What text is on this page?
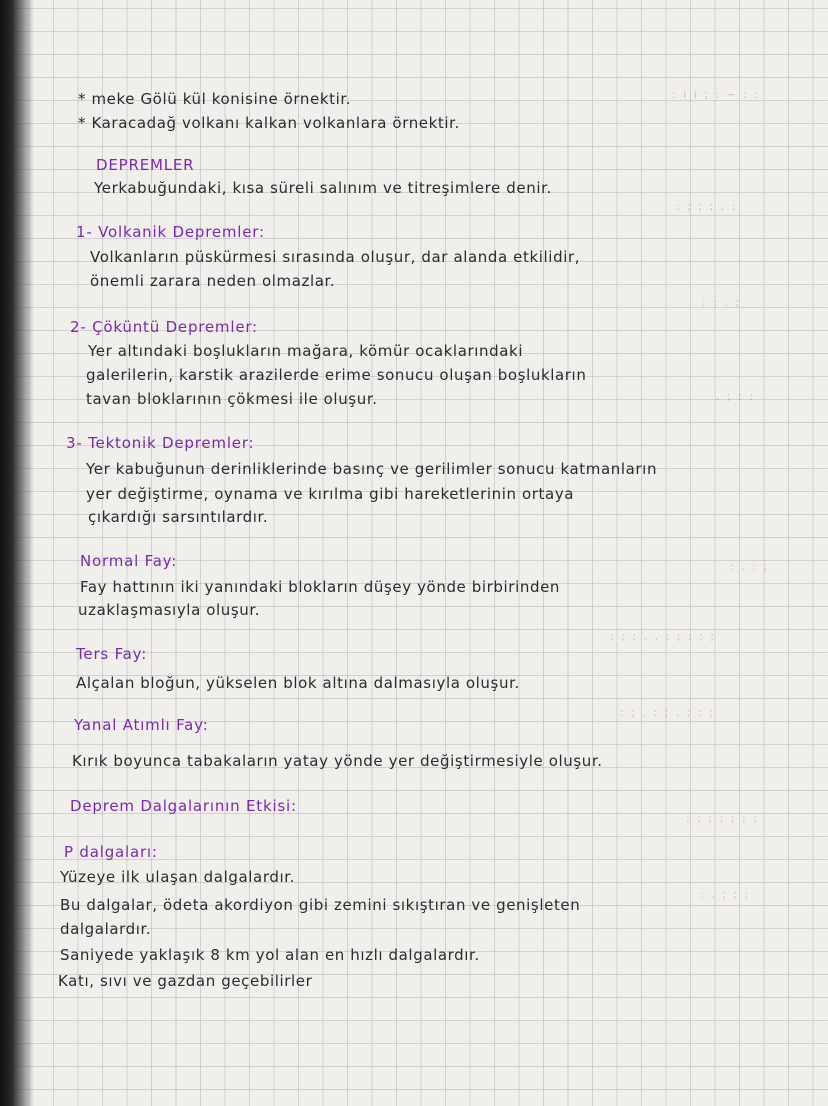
: i i ; : ~ : :
: ; ; ; . :
: : . ;
. ; ; :
: . : ;
: ; : . . ; ; : : ;
: ; . : ; . ; : ;
: ; ; : ; : :
: . ; ; :
* meke Gölü kül konisine örnektir.
* Karacadağ volkanı kalkan volkanlara örnektir.
DEPREMLER
Yerkabuğundaki, kısa süreli salınım ve titreşimlere denir.
1- Volkanik Depremler:
Volkanların püskürmesi sırasında oluşur, dar alanda etkilidir,
önemli zarara neden olmazlar.
2- Çöküntü Depremler:
Yer altındaki boşlukların mağara, kömür ocaklarındaki
galerilerin, karstik arazilerde erime sonucu oluşan boşlukların
tavan bloklarının çökmesi ile oluşur.
3- Tektonik Depremler:
Yer kabuğunun derinliklerinde basınç ve gerilimler sonucu katmanların
yer değiştirme, oynama ve kırılma gibi hareketlerinin ortaya
çıkardığı sarsıntılardır.
Normal Fay:
Fay hattının iki yanındaki blokların düşey yönde birbirinden
uzaklaşmasıyla oluşur.
Ters Fay:
Alçalan bloğun, yükselen blok altına dalmasıyla oluşur.
Yanal Atımlı Fay:
Kırık boyunca tabakaların yatay yönde yer değiştirmesiyle oluşur.
Deprem Dalgalarının Etkisi:
P dalgaları:
Yüzeye ilk ulaşan dalgalardır.
Bu dalgalar, ödeta akordiyon gibi zemini sıkıştıran ve genişleten
dalgalardır.
Saniyede yaklaşık 8 km yol alan en hızlı dalgalardır.
Katı, sıvı ve gazdan geçebilirler
